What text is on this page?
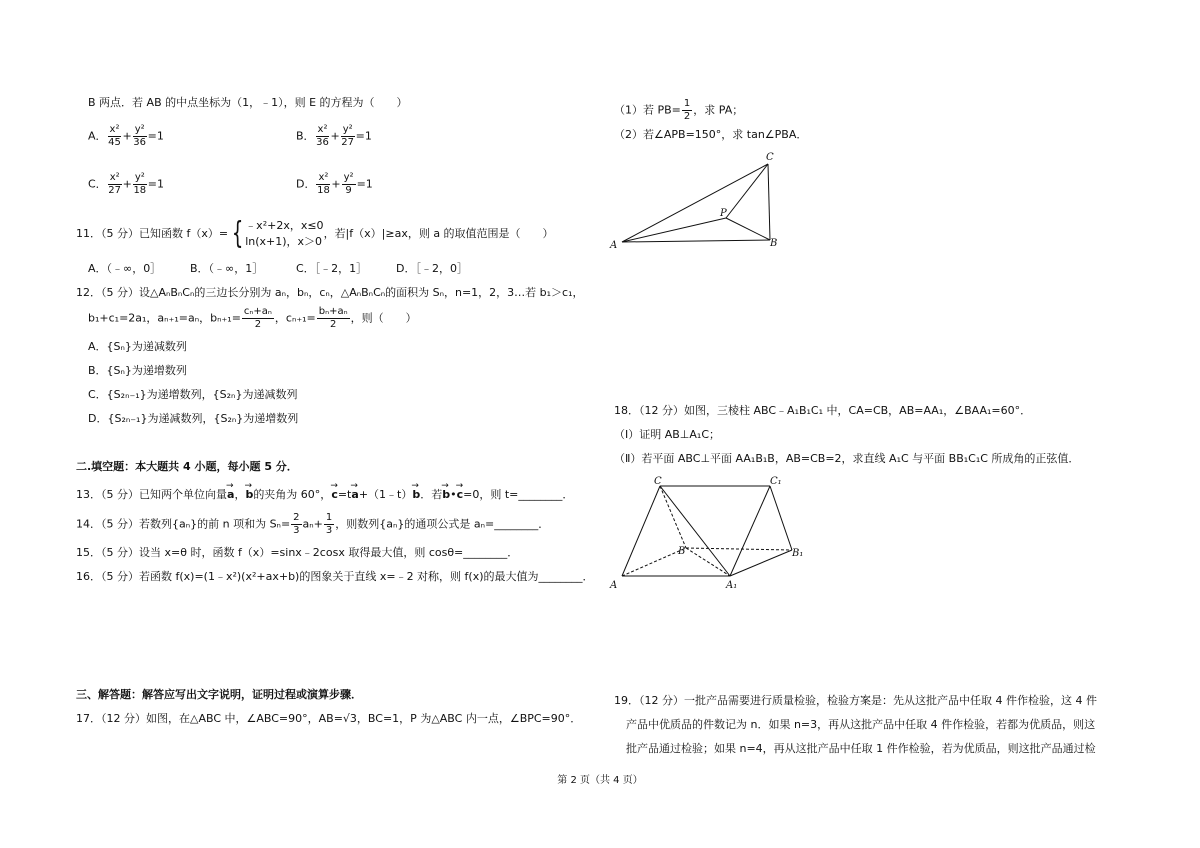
B 两点．若 AB 的中点坐标为（1，﹣1），则 E 的方程为（　　）
A． $\frac{\text{x²}}{45} + \frac{\text{y²}}{36} =1$	B． $\frac{\text{x²}}{36} + \frac{\text{y²}}{27} =1$
C． $\frac{\text{x²}}{27} + \frac{\text{y²}}{18} =1$	D． $\frac{\text{x²}}{18} + \frac{\text{y²}}{9} =1$
11．（5 分）已知函数 f（x）= { ﹣x²+2x，x≤0
ln(x+1)，x＞0
，若|f（x）|≥ax，则 a 的取值范围是（　　）
A．（﹣∞，0］	B．（﹣∞，1］	C．［﹣2，1］	D．［﹣2，0］
12．（5 分）设△AₙBₙCₙ的三边长分别为 aₙ，bₙ，cₙ，△AₙBₙCₙ的面积为 Sₙ，n=1，2，3…若 b₁＞c₁，
b₁+c₁=2a₁，aₙ₊₁=aₙ，$b_{n+1}= \frac{\text{cₙ+aₙ}}{2}$ ，$c_{n+1}= \frac{\text{bₙ+aₙ}}{2}$ ，则（　　）
A．{Sₙ}为递减数列
B．{Sₙ}为递增数列
C．{S₂ₙ₋₁}为递增数列，{S₂ₙ}为递减数列
D．{S₂ₙ₋₁}为递减数列，{S₂ₙ}为递增数列
二.填空题：本大题共 4 小题，每小题 5 分．
13．（5 分）已知两个单位向量→ a，→ b的夹角为 60°，→ c=t→ a+（1﹣t）→ b．若→ b•→ c=0，则 t=________．
14．（5 分）若数列{aₙ}的前 n 项和为 $S_n= \frac{2}{3} a_n+ \frac{1}{3}$ ，则数列{aₙ}的通项公式是 aₙ=________．
15．（5 分）设当 x=θ 时，函数 f（x）=sinx﹣2cosx 取得最大值，则 cosθ=________．
16．（5 分）若函数 f(x)=(1﹣x²)(x²+ax+b)的图象关于直线 x=﹣2 对称，则 f(x)的最大值为________．
三、解答题：解答应写出文字说明，证明过程或演算步骤．
17．（12 分）如图，在△ABC 中，∠ABC=90°，AB=√3，BC=1，P 为△ABC 内一点，∠BPC=90°．
（1）若 $PB= \frac{1}{2}$ ，求 PA；
（2）若∠APB=150°，求 tan∠PBA．
A	B
C
P
18．（12 分）如图，三棱柱 ABC﹣A₁B₁C₁ 中，CA=CB，AB=AA₁，∠BAA₁=60°．
（Ⅰ）证明 AB⊥A₁C；
（Ⅱ）若平面 ABC⊥平面 AA₁B₁B，AB=CB=2，求直线 A₁C 与平面 BB₁C₁C 所成角的正弦值．
A
B
C
A₁
B₁
C₁
19．（12 分）一批产品需要进行质量检验，检验方案是：先从这批产品中任取 4 件作检验，这 4 件
产品中优质品的件数记为 n．如果 n=3，再从这批产品中任取 4 件作检验，若都为优质品，则这
批产品通过检验；如果 n=4，再从这批产品中任取 1 件作检验，若为优质品，则这批产品通过检
第 2 页（共 4 页）
